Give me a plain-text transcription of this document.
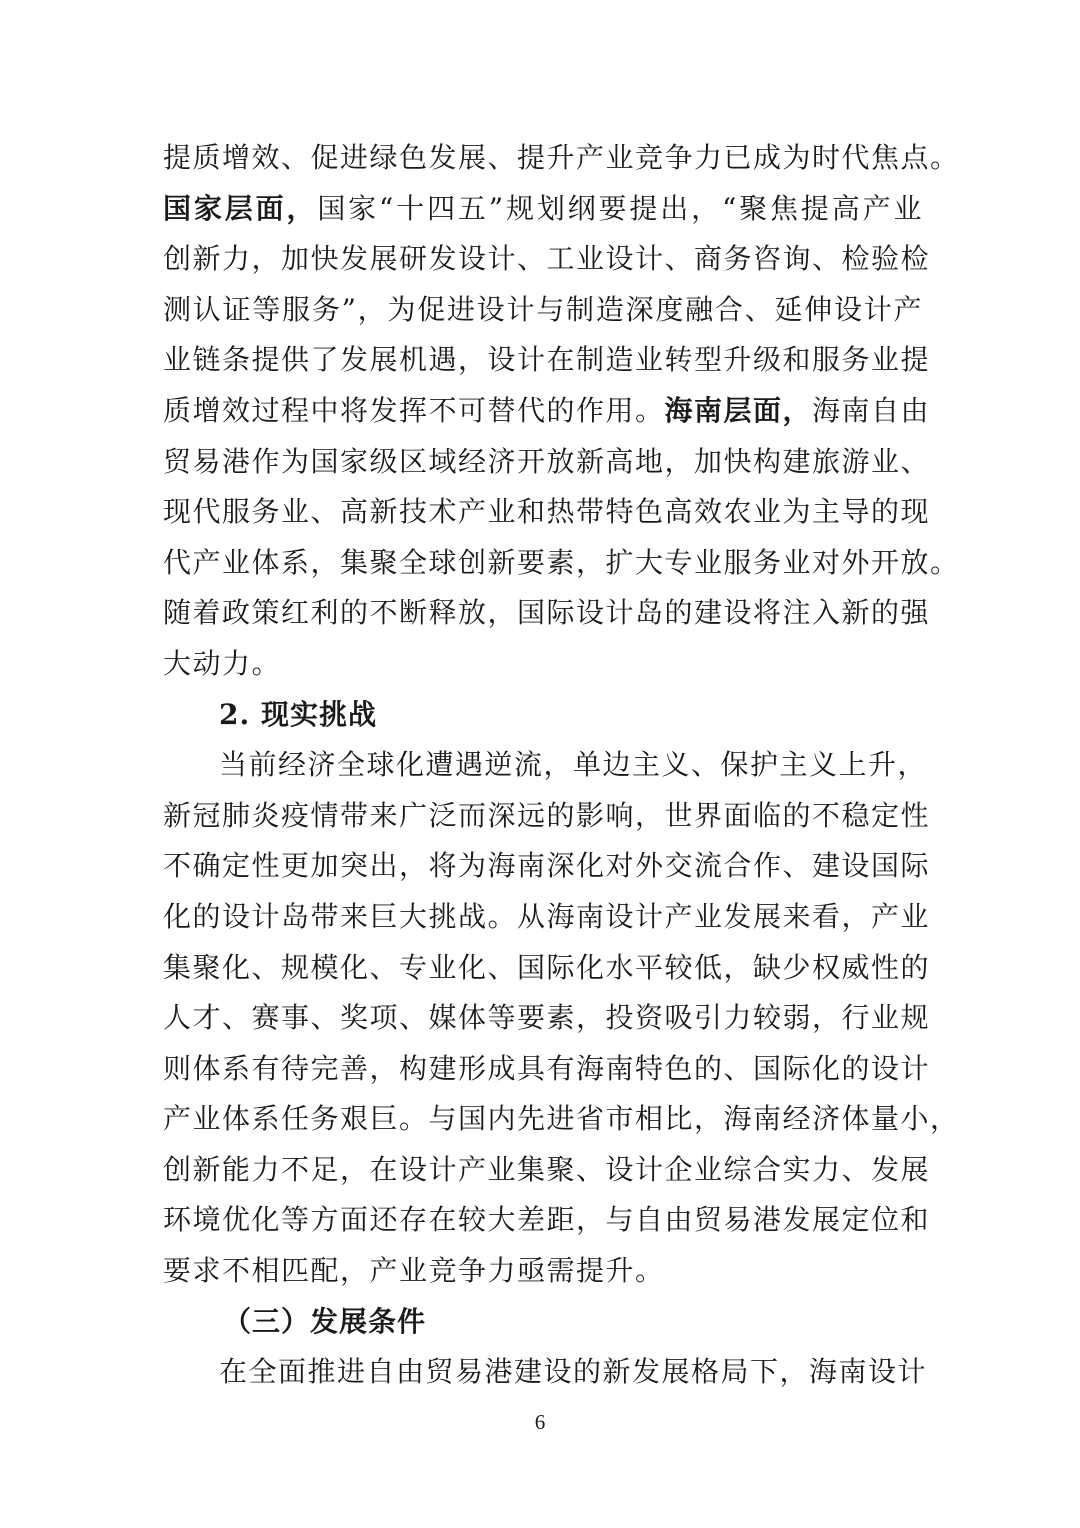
提质增效、促进绿色发展、提升产业竞争力已成为时代焦点。
国家层面，国家“十四五”规划纲要提出，“聚焦提高产业
创新力，加快发展研发设计、工业设计、商务咨询、检验检
测认证等服务”，为促进设计与制造深度融合、延伸设计产
业链条提供了发展机遇，设计在制造业转型升级和服务业提
质增效过程中将发挥不可替代的作用。海南层面，海南自由
贸易港作为国家级区域经济开放新高地，加快构建旅游业、
现代服务业、高新技术产业和热带特色高效农业为主导的现
代产业体系，集聚全球创新要素，扩大专业服务业对外开放。
随着政策红利的不断释放，国际设计岛的建设将注入新的强
大动力。
2. 现实挑战
当前经济全球化遭遇逆流，单边主义、保护主义上升，
新冠肺炎疫情带来广泛而深远的影响，世界面临的不稳定性
不确定性更加突出，将为海南深化对外交流合作、建设国际
化的设计岛带来巨大挑战。从海南设计产业发展来看，产业
集聚化、规模化、专业化、国际化水平较低，缺少权威性的
人才、赛事、奖项、媒体等要素，投资吸引力较弱，行业规
则体系有待完善，构建形成具有海南特色的、国际化的设计
产业体系任务艰巨。与国内先进省市相比，海南经济体量小，
创新能力不足，在设计产业集聚、设计企业综合实力、发展
环境优化等方面还存在较大差距，与自由贸易港发展定位和
要求不相匹配，产业竞争力亟需提升。
（三）发展条件
在全面推进自由贸易港建设的新发展格局下，海南设计
6
